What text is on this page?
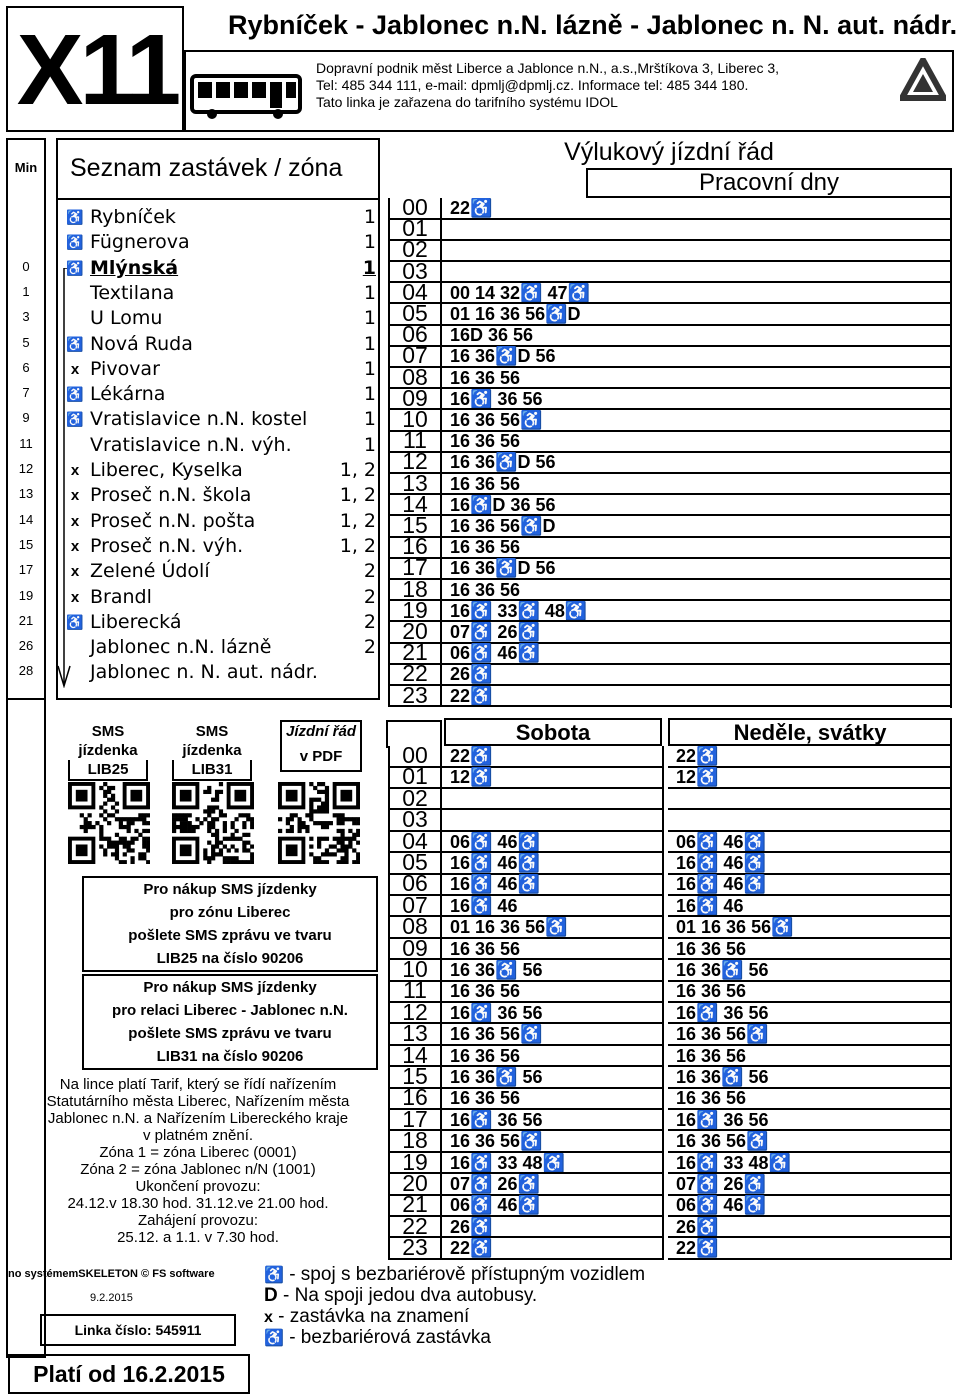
X11	Rybníček - Jablonec n.N. lázně - Jablonec n. N. aut. nádr.
Dopravní podnik měst Liberce a Jablonce n.N., a.s.,Mrštíkova 3, Liberec 3,
Tel: 485 344 111, e-mail: dpmlj@dpmlj.cz. Informace tel: 485 344 180.
Tato linka je zařazena do tarifního systému IDOL
Min	Seznam zastávek / zóna
SMS
jízdenka
LIB25
SMS
jízdenka
LIB31
Jízdní řád
v PDF
Pro nákup SMS jízdenky
pro zónu Liberec
pošlete SMS zprávu ve tvaru
LIB25 na číslo 90206
Pro nákup SMS jízdenky
pro relaci Liberec - Jablonec n.N.
pošlete SMS zprávu ve tvaru
LIB31 na číslo 90206
Na lince platí Tarif, který se řídí nařízením
Statutárního města Liberec, Nařízením města
Jablonec n.N. a Nařízením Libereckého kraje
v platném znění.
Zóna 1 = zóna Liberec (0001)
Zóna 2 = zóna Jablonec n/N (1001)
Ukončení provozu:
24.12.v 18.30 hod. 31.12.ve 21.00 hod.
Zahájení provozu:
25.12. a 1.1. v 7.30 hod.
no systémemSKELETON © FS software
9.2.2015
Linka číslo: 545911
Platí od 16.2.2015
Výlukový jízdní řád
Pracovní dny
Sobota	Neděle, svátky
00	22♿
01
02
03
04	00 14 32♿ 47♿
05	01 16 36 56♿D
06	16D 36 56
07	16 36♿D 56
08	16 36 56
09	16♿ 36 56
10	16 36 56♿
11	16 36 56
12	16 36♿D 56
13	16 36 56
14	16♿D 36 56
15	16 36 56♿D
16	16 36 56
17	16 36♿D 56
18	16 36 56
19	16♿ 33♿ 48♿
20	07♿ 26♿
21	06♿ 46♿
22	26♿
23	22♿
00	22♿	22♿
01	12♿	12♿
02
03
04	06♿ 46♿	06♿ 46♿
05	16♿ 46♿	16♿ 46♿
06	16♿ 46♿	16♿ 46♿
07	16♿ 46	16♿ 46
08	01 16 36 56♿	01 16 36 56♿
09	16 36 56	16 36 56
10	16 36♿ 56	16 36♿ 56
11	16 36 56	16 36 56
12	16♿ 36 56	16♿ 36 56
13	16 36 56♿	16 36 56♿
14	16 36 56	16 36 56
15	16 36♿ 56	16 36♿ 56
16	16 36 56	16 36 56
17	16♿ 36 56	16♿ 36 56
18	16 36 56♿	16 36 56♿
19	16♿ 33 48♿	16♿ 33 48♿
20	07♿ 26♿	07♿ 26♿
21	06♿ 46♿	06♿ 46♿
22	26♿	26♿
23	22♿	22♿
♿ - spoj s bezbariérově přístupným vozidlem
D - Na spoji jedou dva autobusy.
x - zastávka na znamení
♿ - bezbariérová zastávka
♿ Rybníček	1
♿ Fügnerova	1
0	♿ Mlýnská	1
1	Textilana	1
3	U Lomu	1
5	♿ Nová Ruda	1
6	x Pivovar	1
7	♿ Lékárna	1
9	♿ Vratislavice n.N. kostel	1
11	Vratislavice n.N. výh.	1
12	x Liberec, Kyselka	1, 2
13	x Proseč n.N. škola	1, 2
14	x Proseč n.N. pošta	1, 2
15	x Proseč n.N. výh.	1, 2
17	x Zelené Údolí	2
19	x Brandl	2
21	♿ Liberecká	2
26	Jablonec n.N. lázně	2
28	Jablonec n. N. aut. nádr.
